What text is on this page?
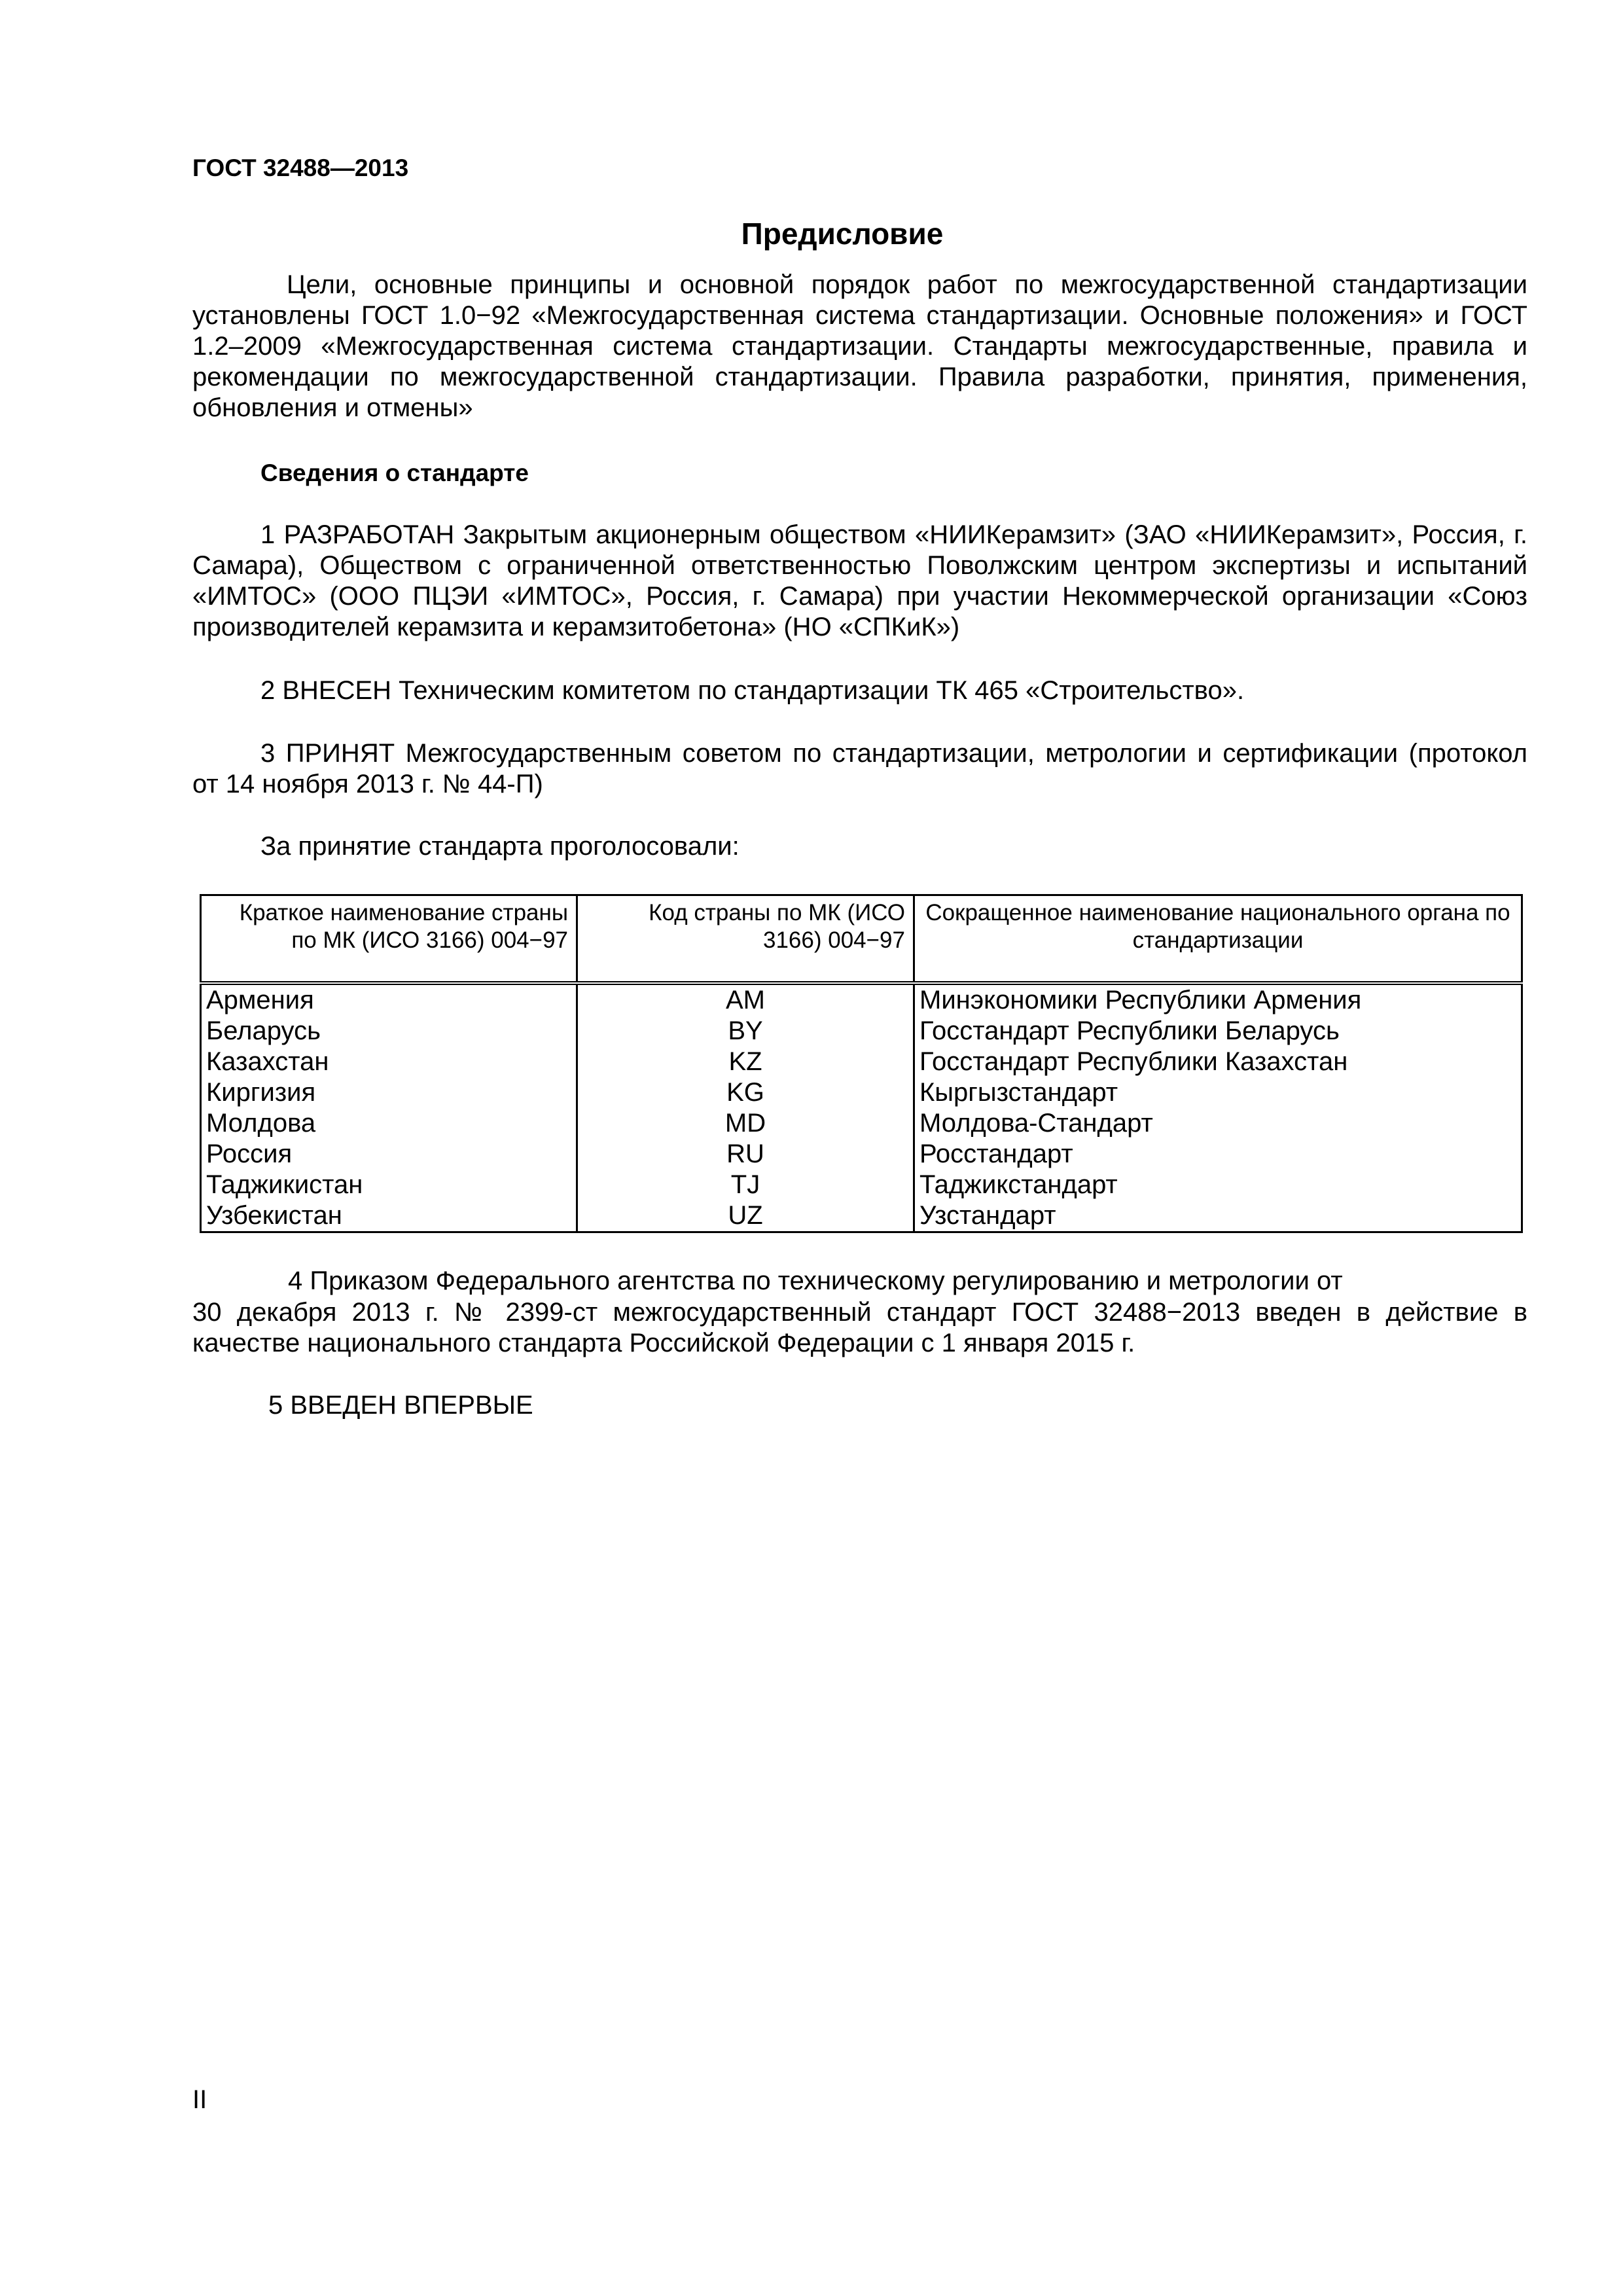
ГОСТ 32488—2013
Предисловие
Цели, основные принципы и основной порядок работ по межгосударственной стандартизации установлены ГОСТ 1.0−92 «Межгосударственная система стандартизации. Основные положения» и ГОСТ 1.2–2009 «Межгосударственная система стандартизации. Стандарты межгосударственные, правила и рекомендации по межгосударственной стандартизации. Правила разработки, принятия, применения, обновления и отмены»
Сведения о стандарте
1 РАЗРАБОТАН Закрытым акционерным обществом «НИИКерамзит» (ЗАО «НИИКерамзит», Россия, г. Самара), Обществом с ограниченной ответственностью Поволжским центром экспертизы и испытаний «ИМТОС» (ООО ПЦЭИ «ИМТОС», Россия, г. Самара) при участии Некоммерческой организации «Союз производителей керамзита и керамзитобетона» (НО «СПКиК»)
2 ВНЕСЕН Техническим комитетом по стандартизации ТК 465 «Строительство».
3 ПРИНЯТ Межгосударственным советом по стандартизации, метрологии и сертификации (протокол от 14 ноября 2013 г. № 44-П)
За принятие стандарта проголосовали:
Краткое наименование страны по МК (ИСО 3166) 004−97	Код страны по МК (ИСО 3166) 004−97	Сокращенное наименование национального органа по стандартизации
Армения	AM	Минэкономики Республики Армения
Беларусь	BY	Госстандарт Республики Беларусь
Казахстан	KZ	Госстандарт Республики Казахстан
Киргизия	KG	Кыргызстандарт
Молдова	MD	Молдова-Стандарт
Россия	RU	Росстандарт
Таджикистан	TJ	Таджикстандарт
Узбекистан	UZ	Узстандарт
4 Приказом Федерального агентства по техническому регулированию и метрологии от
30 декабря 2013 г. № 2399-ст межгосударственный стандарт ГОСТ 32488−2013 введен в действие в качестве национального стандарта Российской Федерации с 1 января 2015 г.
5 ВВЕДЕН ВПЕРВЫЕ
II
